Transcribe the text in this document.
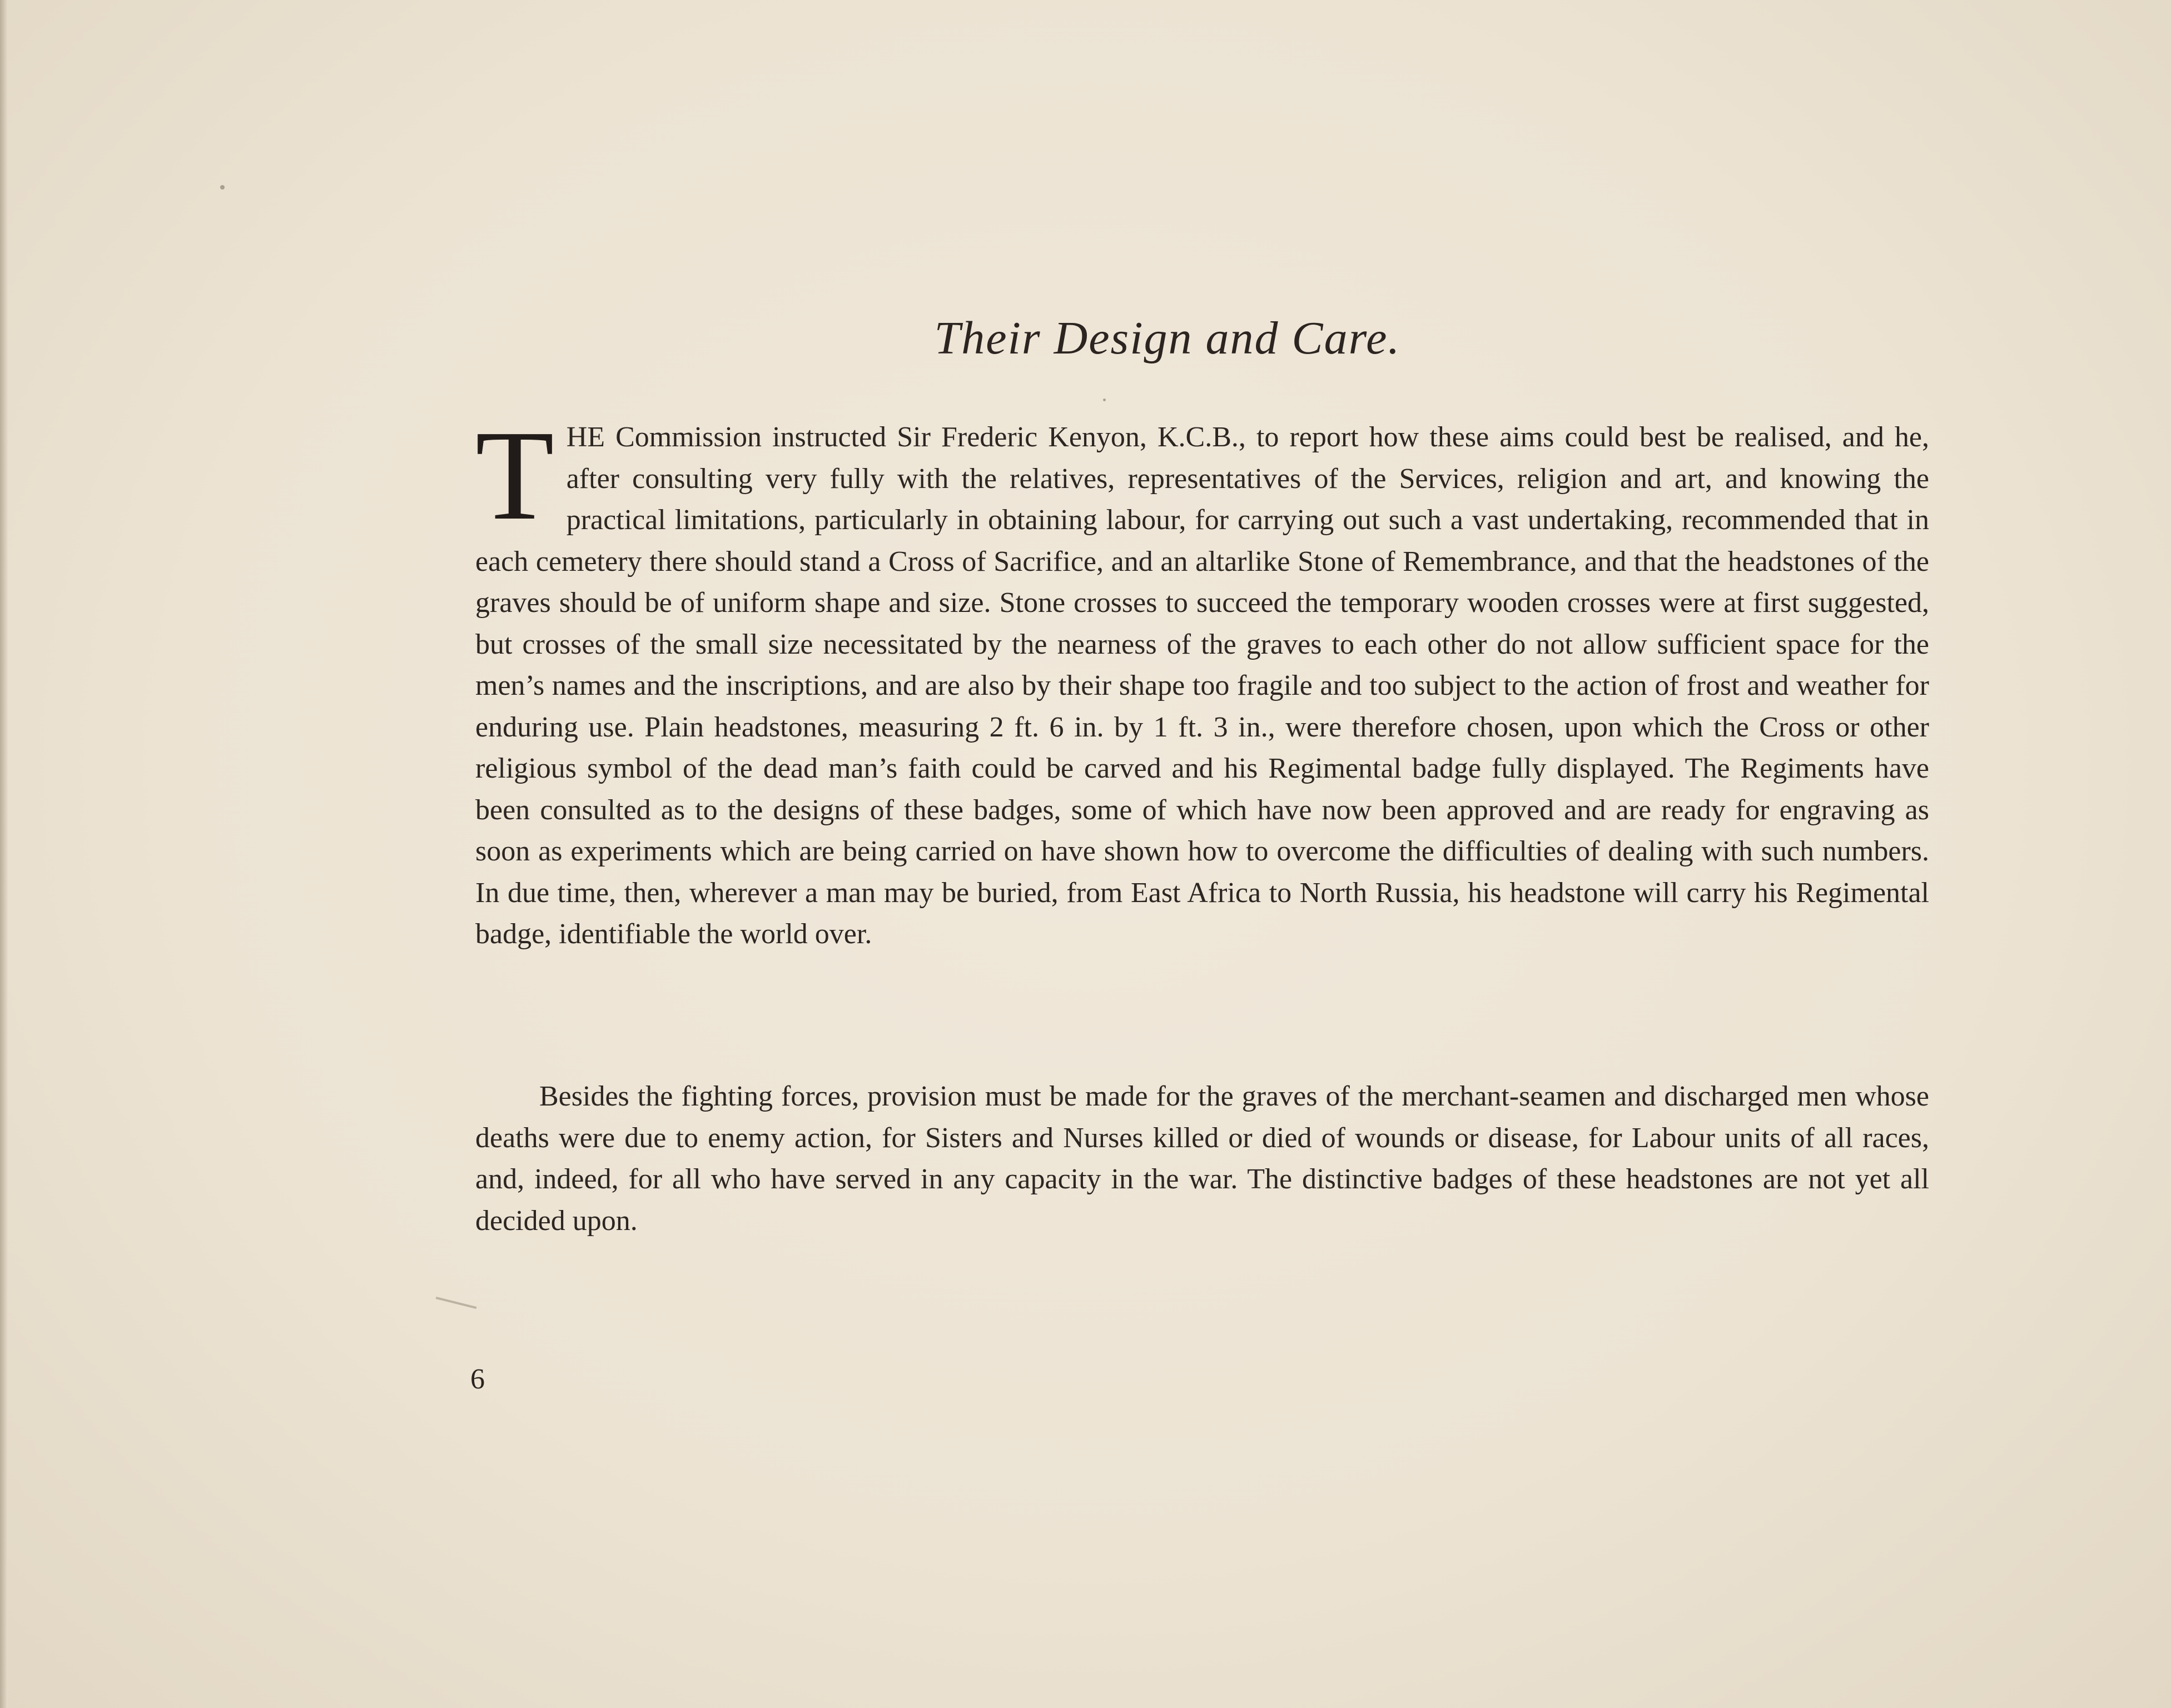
Their Design and Care.

THE Commission instructed Sir Frederic Kenyon, K.C.B., to report how these aims could best be realised, and he, after consulting very fully with the relatives, representatives of the Services, religion and art, and knowing the practical limitations, particularly in obtaining labour, for carrying out such a vast undertaking, recommended that in each cemetery there should stand a Cross of Sacrifice, and an altarlike Stone of Remembrance, and that the headstones of the graves should be of uniform shape and size. Stone crosses to succeed the temporary wooden crosses were at first suggested, but crosses of the small size necessitated by the nearness of the graves to each other do not allow sufficient space for the men’s names and the inscriptions, and are also by their shape too fragile and too subject to the action of frost and weather for enduring use. Plain headstones, measuring 2 ft. 6 in. by 1 ft. 3 in., were therefore chosen, upon which the Cross or other religious symbol of the dead man’s faith could be carved and his Regimental badge fully displayed. The Regiments have been consulted as to the designs of these badges, some of which have now been approved and are ready for engraving as soon as experiments which are being carried on have shown how to overcome the difficulties of dealing with such numbers. In due time, then, wherever a man may be buried, from East Africa to North Russia, his headstone will carry his Regimental badge, identifiable the world over.

Besides the fighting forces, provision must be made for the graves of the merchant-seamen and discharged men whose deaths were due to enemy action, for Sisters and Nurses killed or died of wounds or disease, for Labour units of all races, and, indeed, for all who have served in any capacity in the war. The distinctive badges of these headstones are not yet all decided upon.

6
